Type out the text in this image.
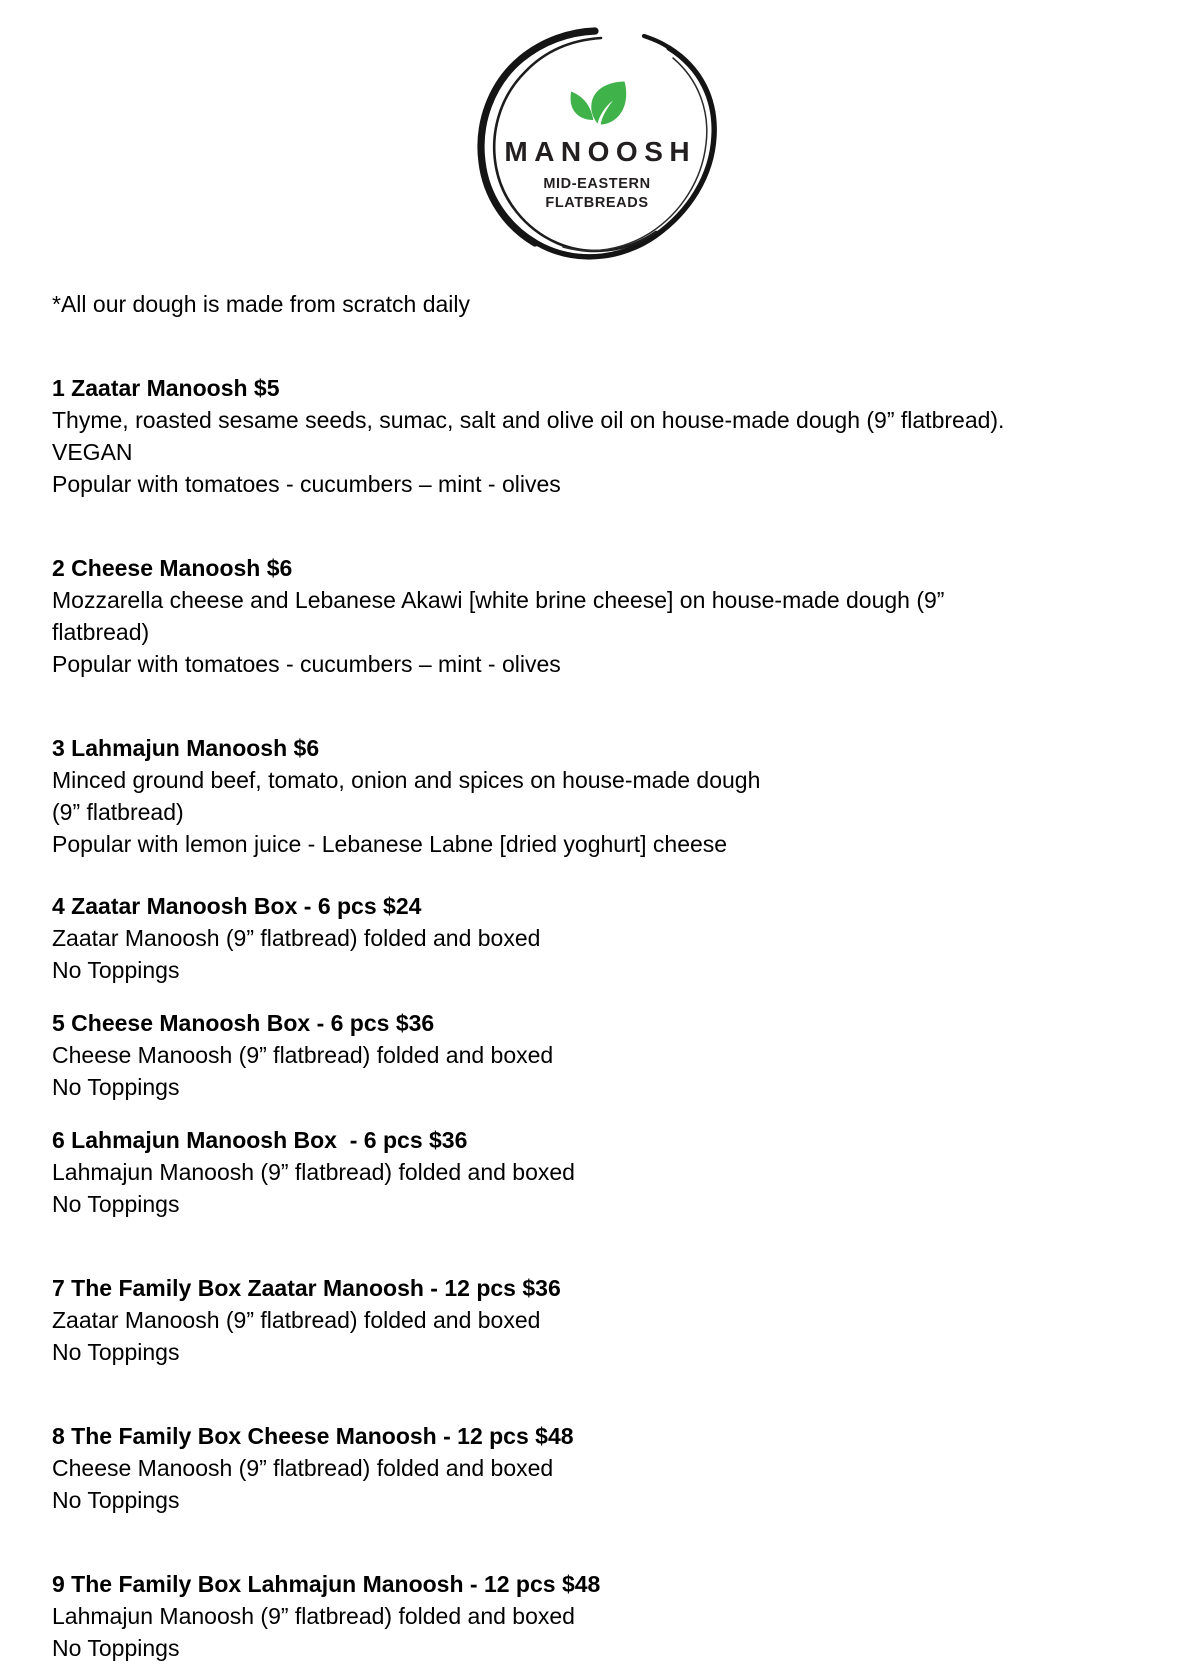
MANOOSH
MID-EASTERN
FLATBREADS

*All our dough is made from scratch daily

1 Zaatar Manoosh $5

Thyme, roasted sesame seeds, sumac, salt and olive oil on house-made dough (9” flatbread).

VEGAN

Popular with tomatoes - cucumbers – mint - olives

2 Cheese Manoosh $6

Mozzarella cheese and Lebanese Akawi [white brine cheese] on house-made dough (9”

flatbread)

Popular with tomatoes - cucumbers – mint - olives

3 Lahmajun Manoosh $6

Minced ground beef, tomato, onion and spices on house-made dough

(9” flatbread)

Popular with lemon juice - Lebanese Labne [dried yoghurt] cheese

4 Zaatar Manoosh Box - 6 pcs $24

Zaatar Manoosh (9” flatbread) folded and boxed

No Toppings

5 Cheese Manoosh Box - 6 pcs $36

Cheese Manoosh (9” flatbread) folded and boxed

No Toppings

6 Lahmajun Manoosh Box  - 6 pcs $36

Lahmajun Manoosh (9” flatbread) folded and boxed

No Toppings

7 The Family Box Zaatar Manoosh - 12 pcs $36

Zaatar Manoosh (9” flatbread) folded and boxed

No Toppings

8 The Family Box Cheese Manoosh - 12 pcs $48

Cheese Manoosh (9” flatbread) folded and boxed

No Toppings

9 The Family Box Lahmajun Manoosh - 12 pcs $48

Lahmajun Manoosh (9” flatbread) folded and boxed

No Toppings
